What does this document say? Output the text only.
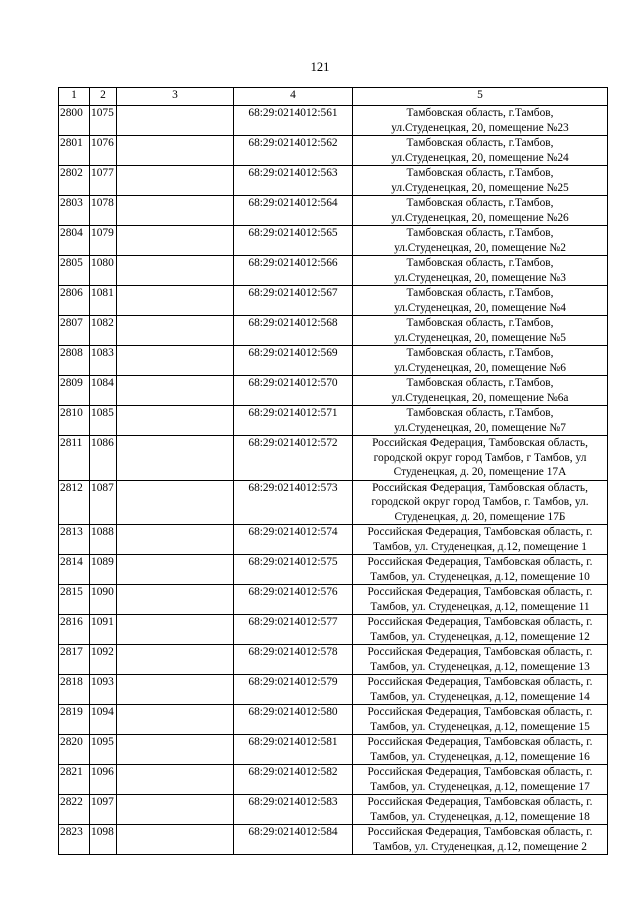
121
1	2	3	4	5
2800	1075		68:29:0214012:561	Тамбовская область, г.Тамбов,
ул.Студенецкая, 20, помещение №23

2801	1076		68:29:0214012:562	Тамбовская область, г.Тамбов,
ул.Студенецкая, 20, помещение №24

2802	1077		68:29:0214012:563	Тамбовская область, г.Тамбов,
ул.Студенецкая, 20, помещение №25

2803	1078		68:29:0214012:564	Тамбовская область, г.Тамбов,
ул.Студенецкая, 20, помещение №26

2804	1079		68:29:0214012:565	Тамбовская область, г.Тамбов,
ул.Студенецкая, 20, помещение №2

2805	1080		68:29:0214012:566	Тамбовская область, г.Тамбов,
ул.Студенецкая, 20, помещение №3

2806	1081		68:29:0214012:567	Тамбовская область, г.Тамбов,
ул.Студенецкая, 20, помещение №4

2807	1082		68:29:0214012:568	Тамбовская область, г.Тамбов,
ул.Студенецкая, 20, помещение №5

2808	1083		68:29:0214012:569	Тамбовская область, г.Тамбов,
ул.Студенецкая, 20, помещение №6

2809	1084		68:29:0214012:570	Тамбовская область, г.Тамбов,
ул.Студенецкая, 20, помещение №6а

2810	1085		68:29:0214012:571	Тамбовская область, г.Тамбов,
ул.Студенецкая, 20, помещение №7

2811	1086		68:29:0214012:572	Российская Федерация, Тамбовская область,
городской округ город Тамбов, г Тамбов, ул
Студенецкая, д. 20, помещение 17А

2812	1087		68:29:0214012:573	Российская Федерация, Тамбовская область,
городской округ город Тамбов, г. Тамбов, ул.
Студенецкая, д. 20, помещение 17Б

2813	1088		68:29:0214012:574	Российская Федерация, Тамбовская область, г.
Тамбов, ул. Студенецкая, д.12, помещение 1

2814	1089		68:29:0214012:575	Российская Федерация, Тамбовская область, г.
Тамбов, ул. Студенецкая, д.12, помещение 10

2815	1090		68:29:0214012:576	Российская Федерация, Тамбовская область, г.
Тамбов, ул. Студенецкая, д.12, помещение 11

2816	1091		68:29:0214012:577	Российская Федерация, Тамбовская область, г.
Тамбов, ул. Студенецкая, д.12, помещение 12

2817	1092		68:29:0214012:578	Российская Федерация, Тамбовская область, г.
Тамбов, ул. Студенецкая, д.12, помещение 13

2818	1093		68:29:0214012:579	Российская Федерация, Тамбовская область, г.
Тамбов, ул. Студенецкая, д.12, помещение 14

2819	1094		68:29:0214012:580	Российская Федерация, Тамбовская область, г.
Тамбов, ул. Студенецкая, д.12, помещение 15

2820	1095		68:29:0214012:581	Российская Федерация, Тамбовская область, г.
Тамбов, ул. Студенецкая, д.12, помещение 16

2821	1096		68:29:0214012:582	Российская Федерация, Тамбовская область, г.
Тамбов, ул. Студенецкая, д.12, помещение 17

2822	1097		68:29:0214012:583	Российская Федерация, Тамбовская область, г.
Тамбов, ул. Студенецкая, д.12, помещение 18

2823	1098		68:29:0214012:584	Российская Федерация, Тамбовская область, г.
Тамбов, ул. Студенецкая, д.12, помещение 2
